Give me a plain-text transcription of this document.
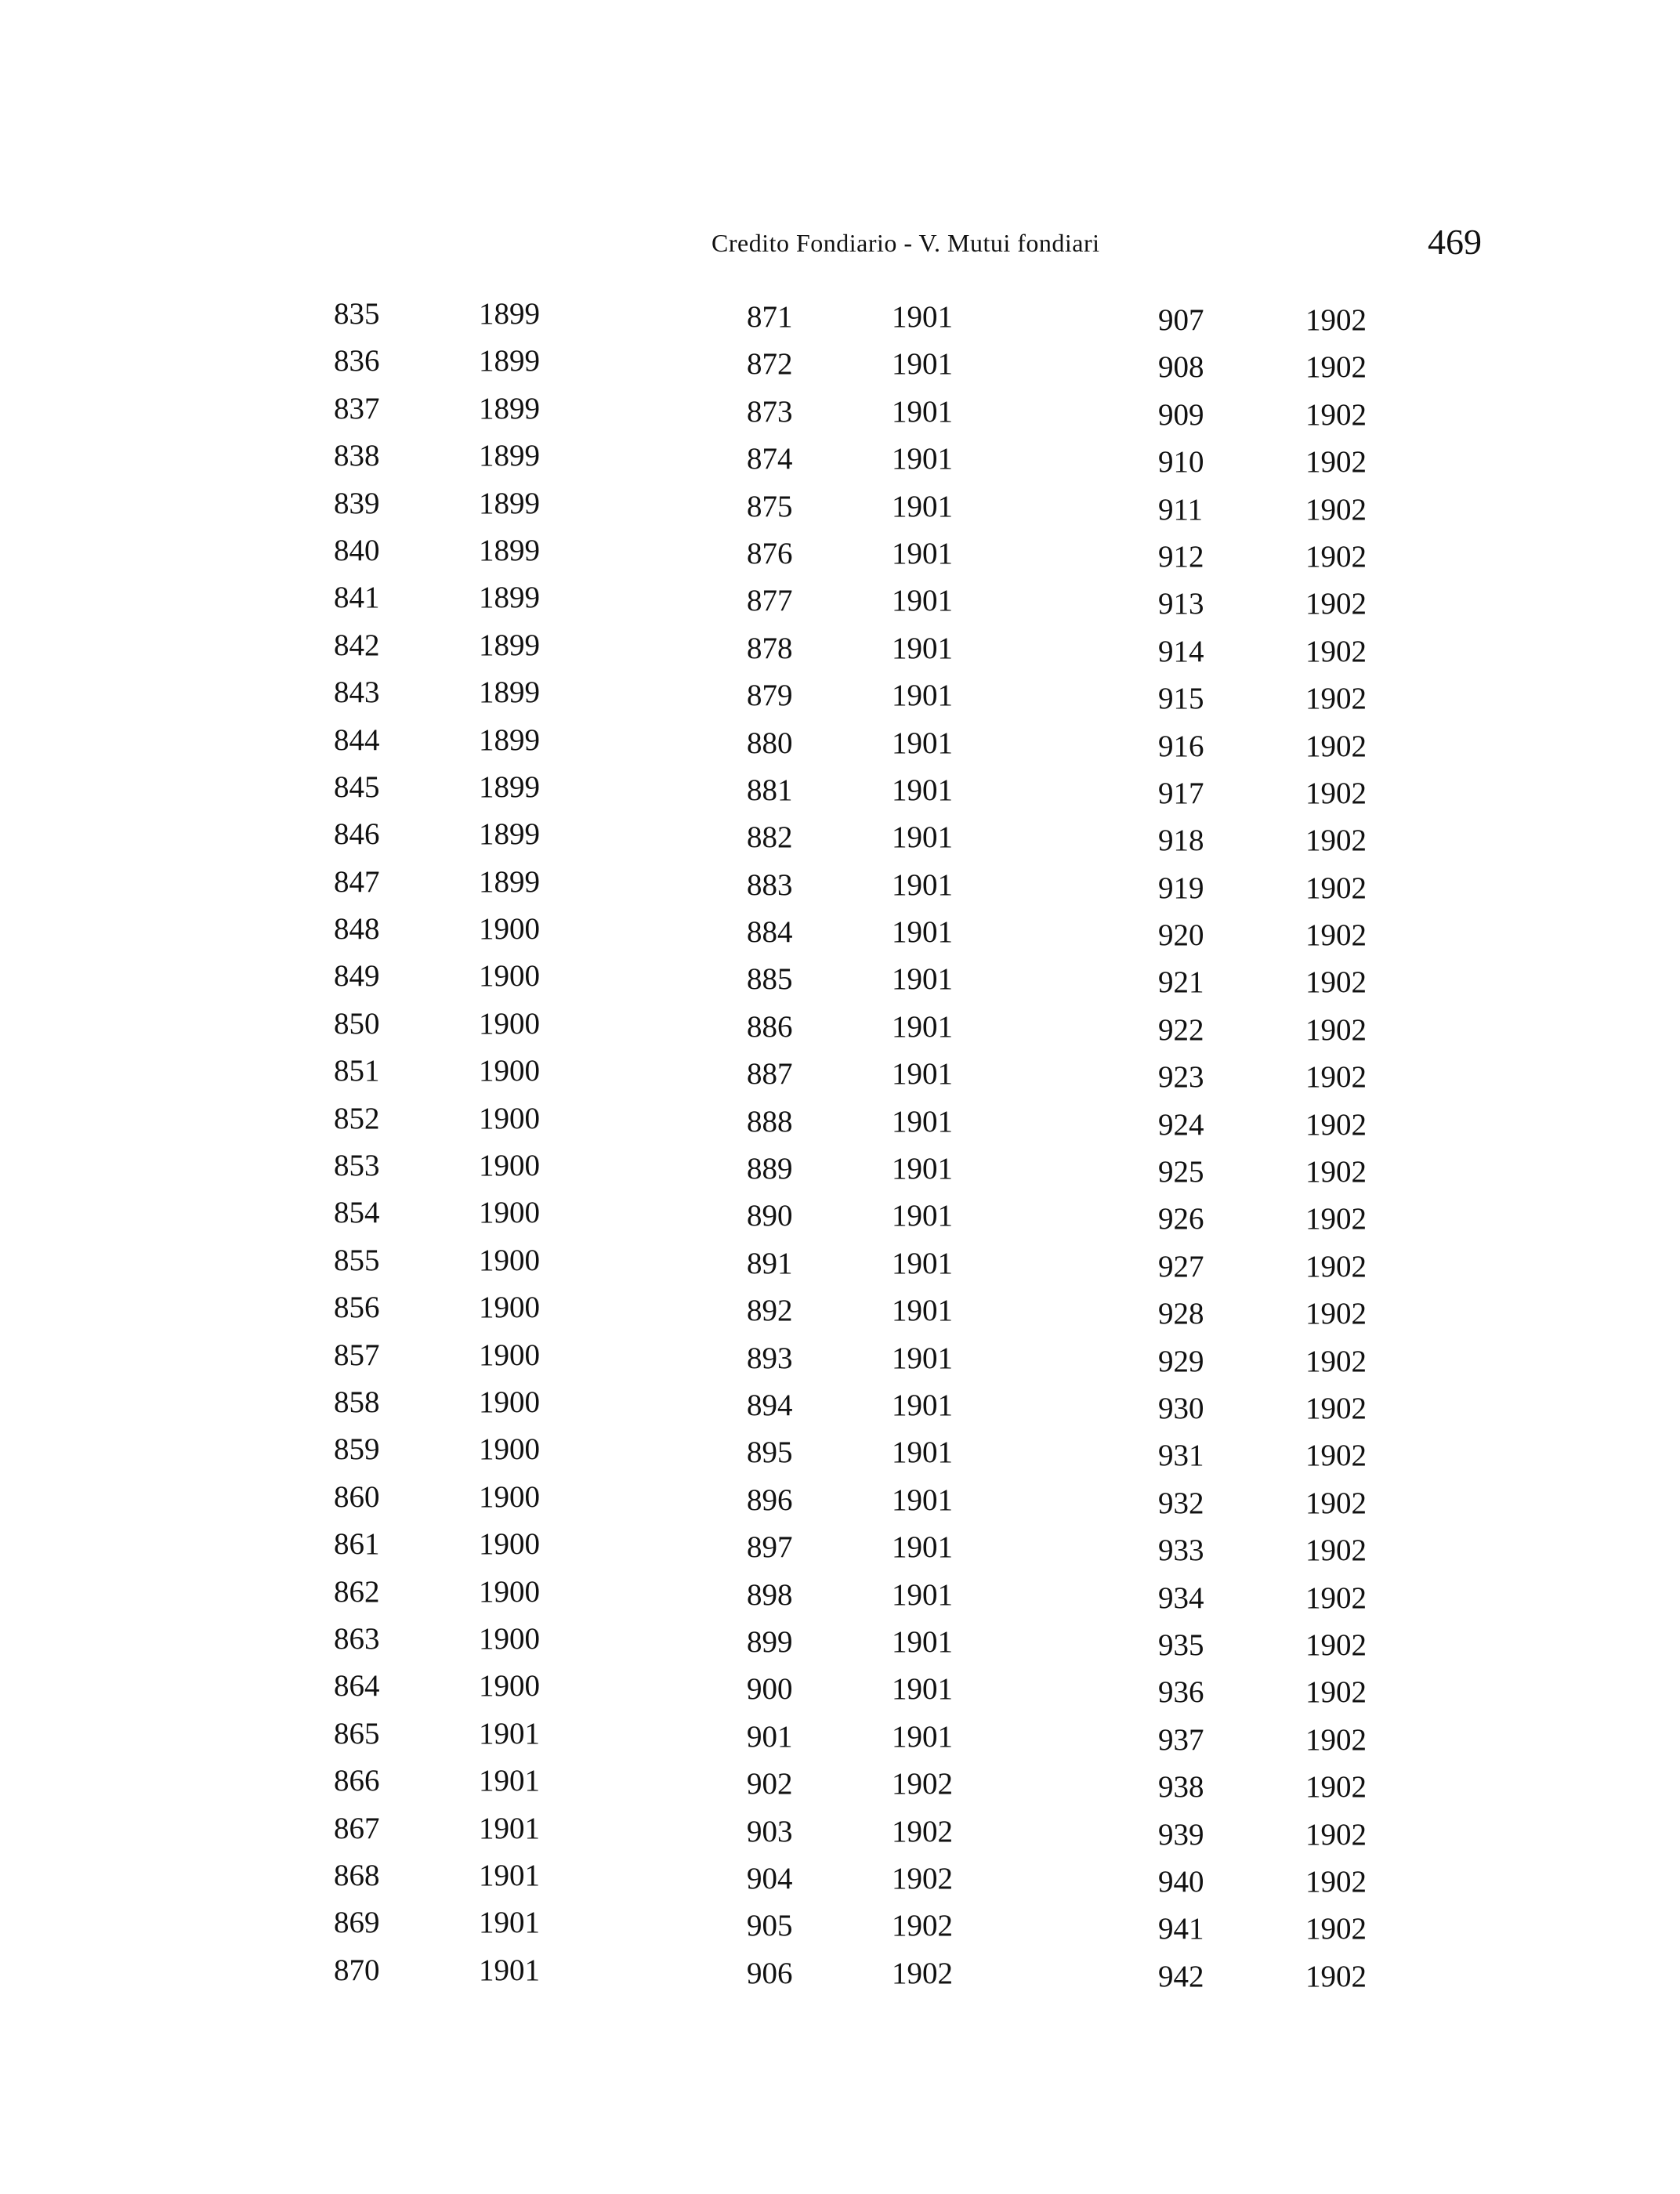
Credito Fondiario - V. Mutui fondiari	469
835	1899
836	1899
837	1899
838	1899
839	1899
840	1899
841	1899
842	1899
843	1899
844	1899
845	1899
846	1899
847	1899
848	1900
849	1900
850	1900
851	1900
852	1900
853	1900
854	1900
855	1900
856	1900
857	1900
858	1900
859	1900
860	1900
861	1900
862	1900
863	1900
864	1900
865	1901
866	1901
867	1901
868	1901
869	1901
870	1901
871	1901
872	1901
873	1901
874	1901
875	1901
876	1901
877	1901
878	1901
879	1901
880	1901
881	1901
882	1901
883	1901
884	1901
885	1901
886	1901
887	1901
888	1901
889	1901
890	1901
891	1901
892	1901
893	1901
894	1901
895	1901
896	1901
897	1901
898	1901
899	1901
900	1901
901	1901
902	1902
903	1902
904	1902
905	1902
906	1902
907	1902
908	1902
909	1902
910	1902
911	1902
912	1902
913	1902
914	1902
915	1902
916	1902
917	1902
918	1902
919	1902
920	1902
921	1902
922	1902
923	1902
924	1902
925	1902
926	1902
927	1902
928	1902
929	1902
930	1902
931	1902
932	1902
933	1902
934	1902
935	1902
936	1902
937	1902
938	1902
939	1902
940	1902
941	1902
942	1902
